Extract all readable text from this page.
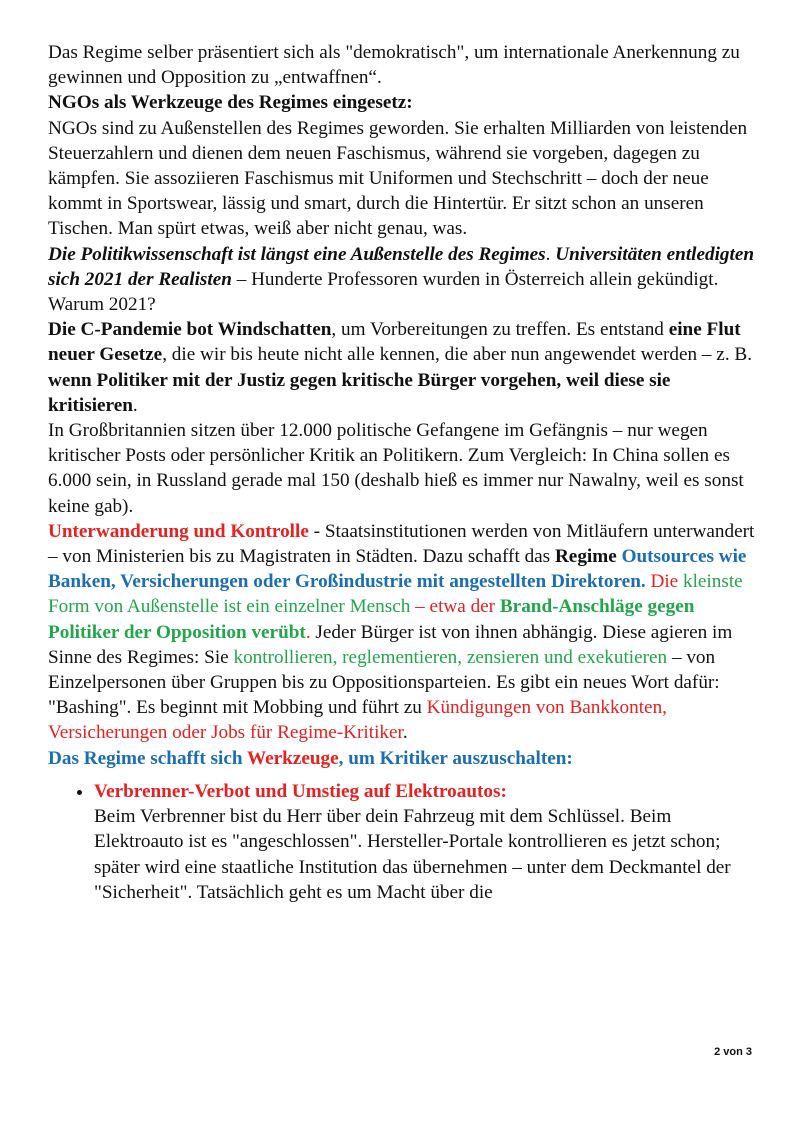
Das Regime selber präsentiert sich als "demokratisch", um internationale Anerkennung zu gewinnen und Opposition zu „entwaffnen“.

NGOs als Werkzeuge des Regimes eingesetz:

NGOs sind zu Außenstellen des Regimes geworden. Sie erhalten Milliarden von leistenden Steuerzahlern und dienen dem neuen Faschismus, während sie vorgeben, dagegen zu kämpfen. Sie assoziieren Faschismus mit Uniformen und Stechschritt – doch der neue kommt in Sportswear, lässig und smart, durch die Hintertür. Er sitzt schon an unseren Tischen. Man spürt etwas, weiß aber nicht genau, was.

Die Politikwissenschaft ist längst eine Außenstelle des Regimes. Universitäten entledigten sich 2021 der Realisten – Hunderte Professoren wurden in Österreich allein gekündigt.

Warum 2021?

Die C-Pandemie bot Windschatten, um Vorbereitungen zu treffen. Es entstand eine Flut neuer Gesetze, die wir bis heute nicht alle kennen, die aber nun angewendet werden – z. B. wenn Politiker mit der Justiz gegen kritische Bürger vorgehen, weil diese sie kritisieren.

In Großbritannien sitzen über 12.000 politische Gefangene im Gefängnis – nur wegen kritischer Posts oder persönlicher Kritik an Politikern. Zum Vergleich: In China sollen es 6.000 sein, in Russland gerade mal 150 (deshalb hieß es immer nur Nawalny, weil es sonst keine gab).

Unterwanderung und Kontrolle - Staatsinstitutionen werden von Mitläufern unterwandert – von Ministerien bis zu Magistraten in Städten. Dazu schafft das Regime Outsources wie Banken, Versicherungen oder Großindustrie mit angestellten Direktoren. Die kleinste Form von Außenstelle ist ein einzelner Mensch – etwa der Brand-Anschläge gegen Politiker der Opposition verübt. Jeder Bürger ist von ihnen abhängig. Diese agieren im Sinne des Regimes: Sie kontrollieren, reglementieren, zensieren und exekutieren – von Einzelpersonen über Gruppen bis zu Oppositionsparteien. Es gibt ein neues Wort dafür: "Bashing". Es beginnt mit Mobbing und führt zu Kündigungen von Bankkonten, Versicherungen oder Jobs für Regime-Kritiker.

Das Regime schafft sich Werkzeuge, um Kritiker auszuschalten:

• Verbrenner-Verbot und Umstieg auf Elektroautos:
Beim Verbrenner bist du Herr über dein Fahrzeug mit dem Schlüssel. Beim Elektroauto ist es "angeschlossen". Hersteller-Portale kontrollieren es jetzt schon; später wird eine staatliche Institution das übernehmen – unter dem Deckmantel der "Sicherheit". Tatsächlich geht es um Macht über die
2 von 3
